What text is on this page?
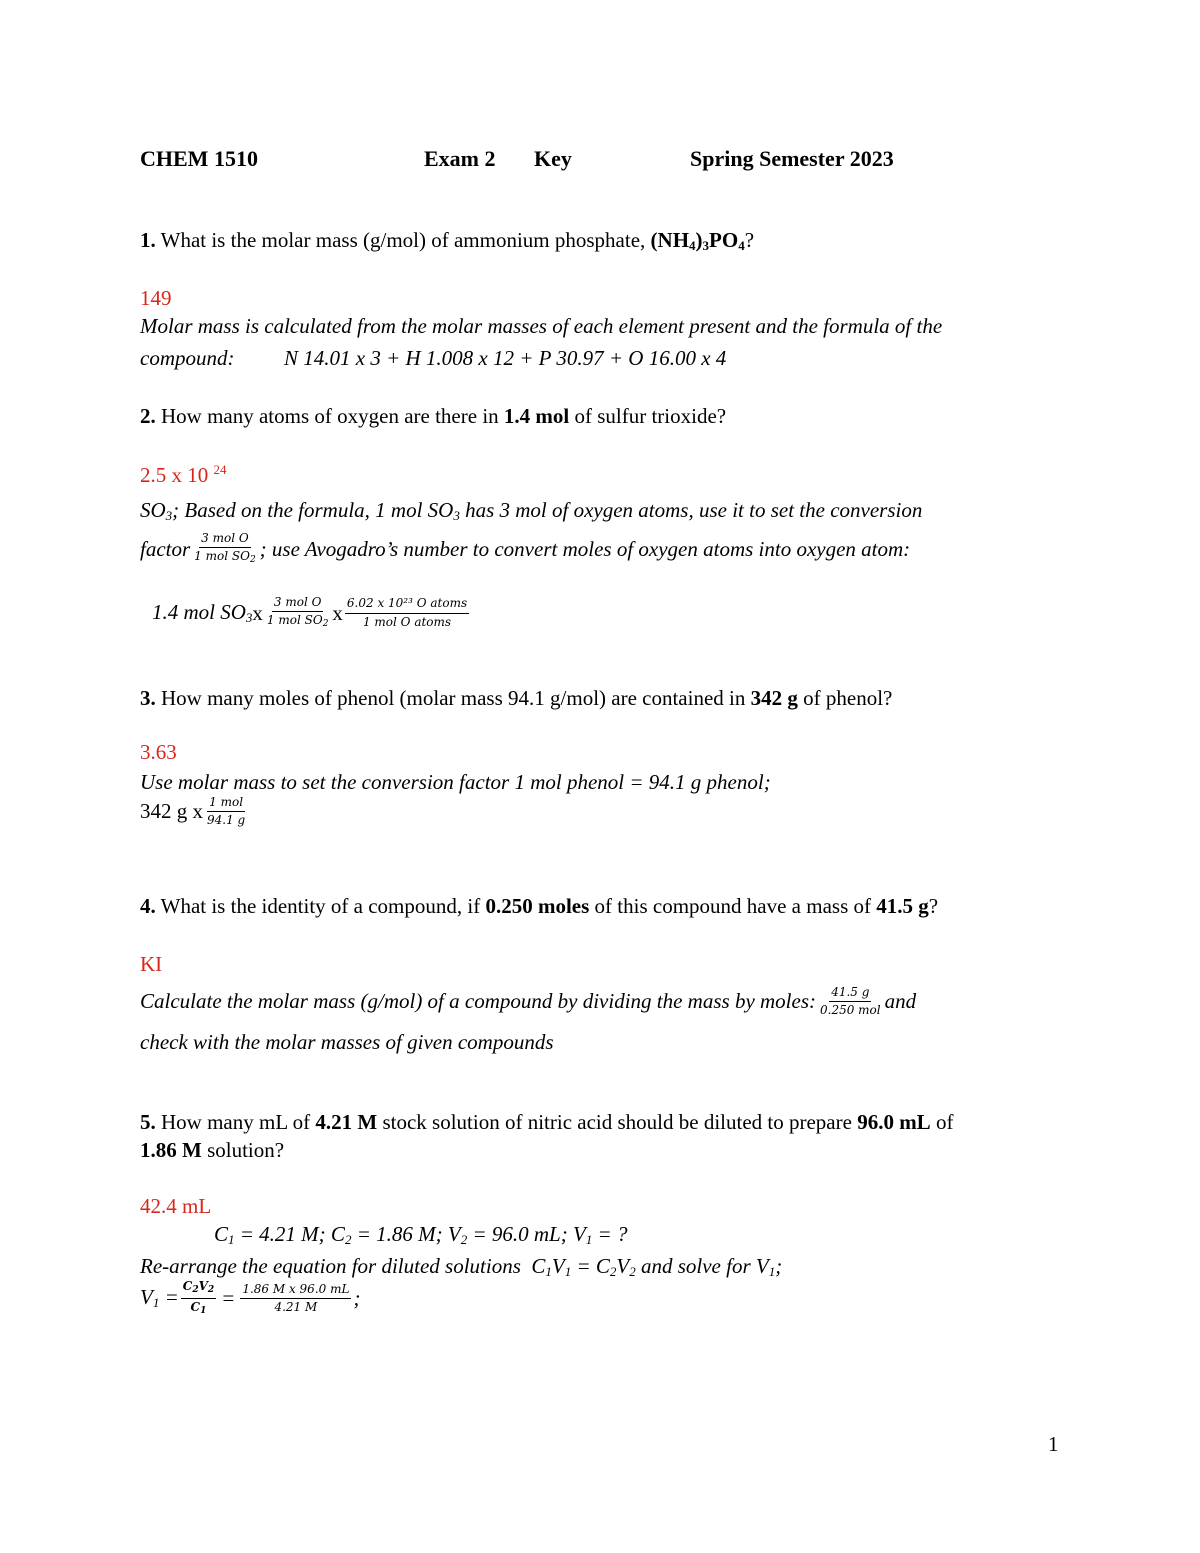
CHEM 1510	Exam 2 Key	Spring Semester 2023
1. What is the molar mass (g/mol) of ammonium phosphate, $(NH_4)_3PO_4$?
149
Molar mass is calculated from the molar masses of each element present and the formula of the
compound: N 14.01 x 3 + H 1.008 x 12 + P 30.97 + O 16.00 x 4
2. How many atoms of oxygen are there in 1.4 mol of sulfur trioxide?
2.5 x 10 $^{24}$
$SO_3$; Based on the formula, 1 mol $SO_3$ has 3 mol of oxygen atoms, use it to set the conversion
factor $\frac{\text{3 mol O}}{1 mol SO_2}$ ; use Avogadro’s number to convert moles of oxygen atoms into oxygen atom:
1.4 mol $SO_3$ x $\frac{\text{3 mol O}}{1 mol SO_2}$ x $\frac{\text{6.02 x 10²³ O atoms}}{\text{1 mol O atoms}}$
3. How many moles of phenol (molar mass 94.1 g/mol) are contained in 342 g of phenol?
3.63
Use molar mass to set the conversion factor 1 mol phenol = 94.1 g phenol;
342 g x $\frac{\text{1 mol}}{94.1 g}$
4. What is the identity of a compound, if 0.250 moles of this compound have a mass of 41.5 g?
KI
Calculate the molar mass (g/mol) of a compound by dividing the mass by moles: $\frac{41.5 g}{\text{0.250 mol}}$ and
check with the molar masses of given compounds
5. How many mL of 4.21 M stock solution of nitric acid should be diluted to prepare 96.0 mL of
1.86 M solution?
42.4 mL
$C_1 = 4.21$ M; $C_2 = 1.86$ M; $V_2 = 96.0$ mL; $V_1$ = ?
Re-arrange the equation for diluted solutions  $C_1V_1 = C_2V_2$ and solve for $V_1$;
$V_1 = \frac{C_2V_2}{C_1} = \frac{\text{1.86 M x 96.0 mL}}{4.21 M}$ ;
1
